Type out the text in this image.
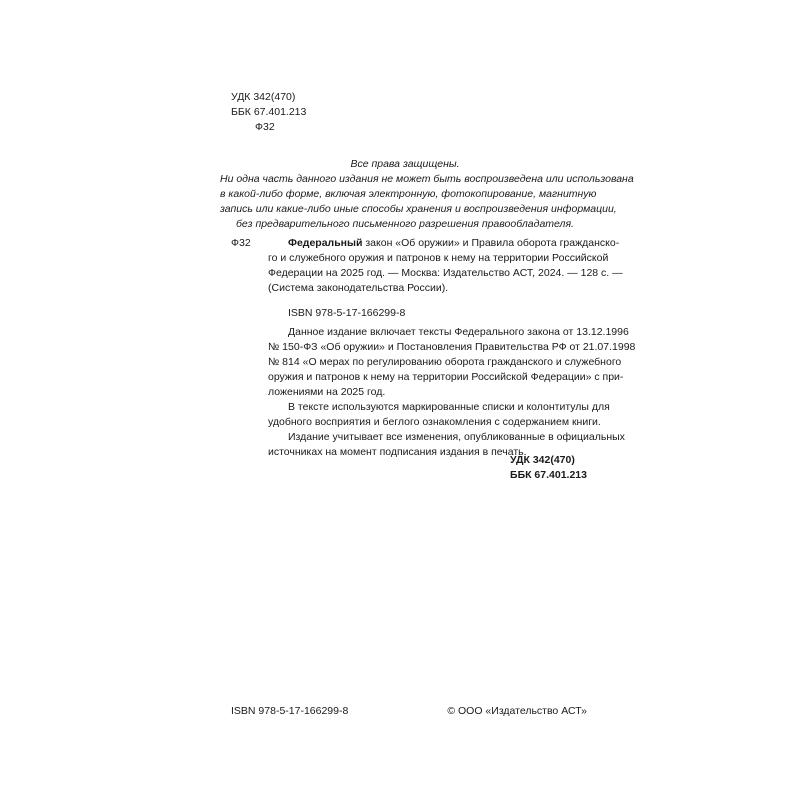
УДК 342(470)
ББК 67.401.213
Ф32
Все права защищены.
Ни одна часть данного издания не может быть воспроизведена или использована
в какой-либо форме, включая электронную, фотокопирование, магнитную
запись или какие-либо иные способы хранения и воспроизведения информации,
без предварительного письменного разрешения правообладателя.
Ф32	Федеральный закон «Об оружии» и Правила оборота гражданско-
го и служебного оружия и патронов к нему на территории Российской
Федерации на 2025 год. — Москва: Издательство АСТ, 2024. — 128 с. —
(Система законодательства России).
ISBN 978-5-17-166299-8
Данное издание включает тексты Федерального закона от 13.12.1996
№ 150-ФЗ «Об оружии» и Постановления Правительства РФ от 21.07.1998
№ 814 «О мерах по регулированию оборота гражданского и служебного
оружия и патронов к нему на территории Российской Федерации» с при-
ложениями на 2025 год.
В тексте используются маркированные списки и колонтитулы для
удобного восприятия и беглого ознакомления с содержанием книги.
Издание учитывает все изменения, опубликованные в официальных
источниках на момент подписания издания в печать.
УДК 342(470)
ББК 67.401.213
ISBN 978-5-17-166299-8	© ООО «Издательство АСТ»
